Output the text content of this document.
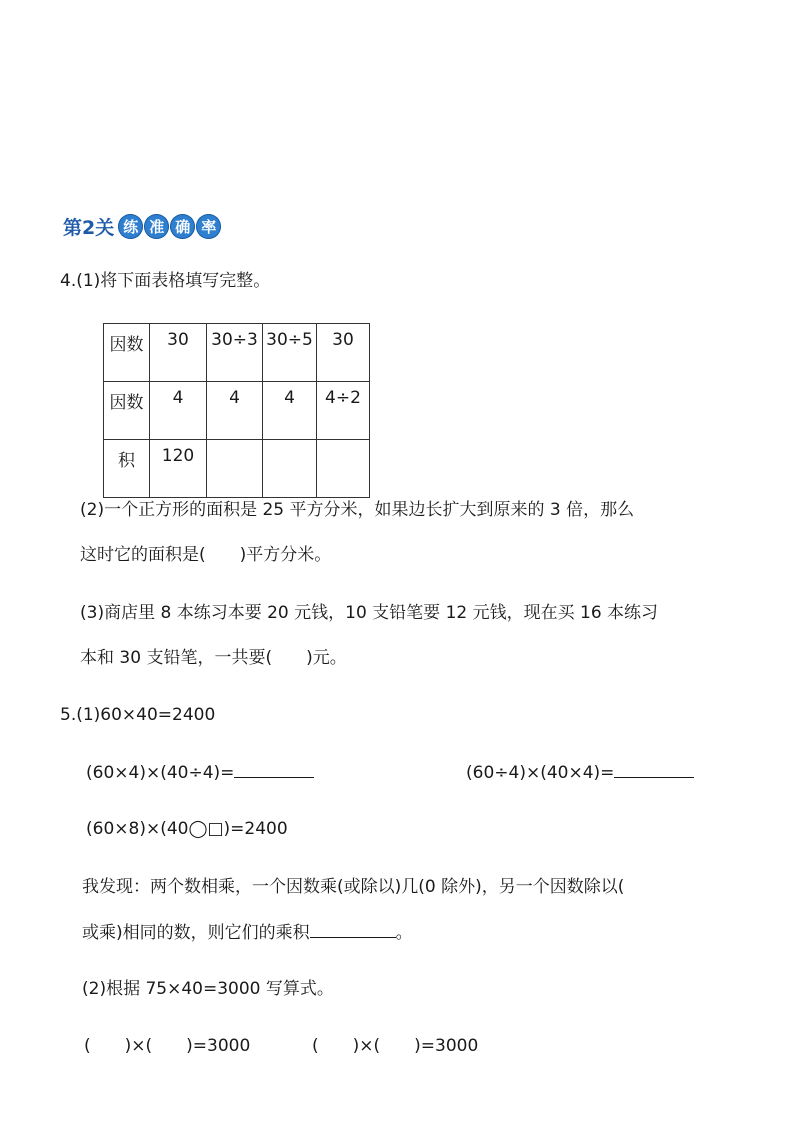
第2关 练 准 确 率
4.(1)将下面表格填写完整。
因数	30	30÷3	30÷5	30

因数	4	4	4	4÷2

积	120			

(2)一个正方形的面积是 25 平方分米，如果边长扩大到原来的 3 倍，那么
这时它的面积是(　　)平方分米。
(3)商店里 8 本练习本要 20 元钱，10 支铅笔要 12 元钱，现在买 16 本练习
本和 30 支铅笔，一共要(　　)元。
5.(1)60×40=2400
(60×4)×(40÷4)=	(60÷4)×(40×4)=
(60×8)×(40◯□)=2400
我发现：两个数相乘，一个因数乘(或除以)几(0 除外)，另一个因数除以(
或乘)相同的数，则它们的乘积	。
(2)根据 75×40=3000 写算式。
(　　)×(　　)=3000	(　　)×(　　)=3000
